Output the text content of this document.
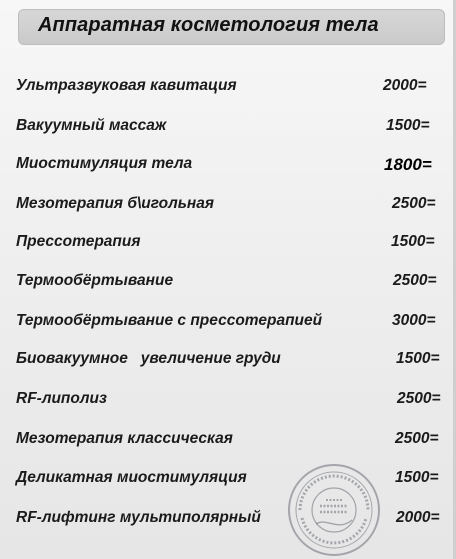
Аппаратная косметология тела
Ультразвуковая кавитация	2000=
Вакуумный массаж	1500=
Миостимуляция тела	1800=
Мезотерапия б\игольная	2500=
Прессотерапия	1500=
Термообёртывание	2500=
Термообёртывание с прессотерапией	3000=
Биовакуумное   увеличение груди	1500=
RF-липолиз	2500=
Мезотерапия классическая	2500=
Деликатная миостимуляция	1500=
RF-лифтинг мультиполярный	2000=
